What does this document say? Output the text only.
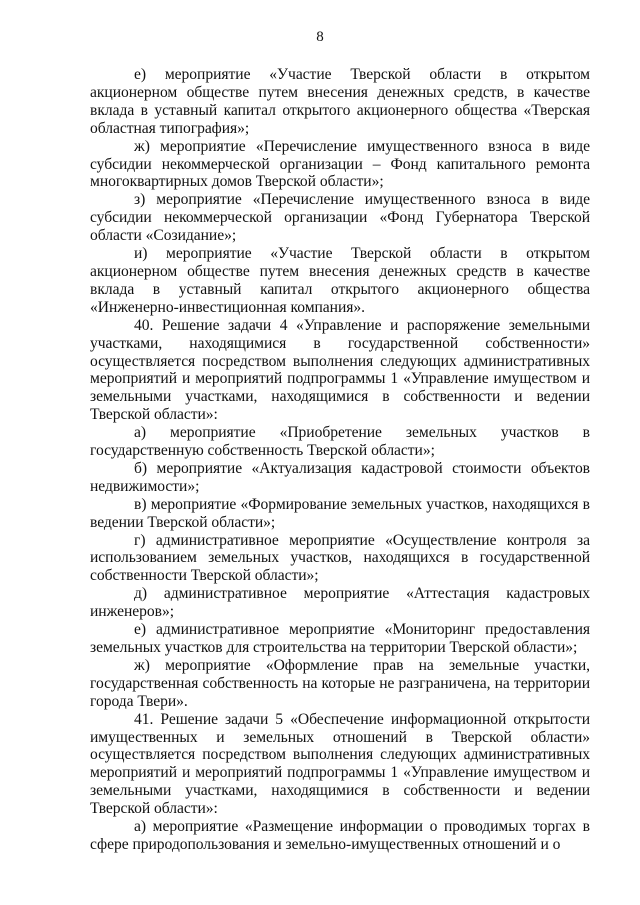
8

е) мероприятие «Участие Тверской области в открытом акционерном обществе путем внесения денежных средств, в качестве вклада в уставный капитал открытого акционерного общества «Тверская областная типография»;

ж) мероприятие «Перечисление имущественного взноса в виде субсидии некоммерческой организации – Фонд капитального ремонта многоквартирных домов Тверской области»;

з) мероприятие «Перечисление имущественного взноса в виде субсидии некоммерческой организации «Фонд Губернатора Тверской области «Созидание»;

и) мероприятие «Участие Тверской области в открытом акционерном обществе путем внесения денежных средств в качестве вклада в уставный капитал открытого акционерного общества «Инженерно-инвестиционная компания».

40. Решение задачи 4 «Управление и распоряжение земельными участками, находящимися в государственной собственности» осуществляется посредством выполнения следующих административных мероприятий и мероприятий подпрограммы 1 «Управление имуществом и земельными участками, находящимися в собственности и ведении Тверской области»:

а) мероприятие «Приобретение земельных участков в государственную собственность Тверской области»;

б) мероприятие «Актуализация кадастровой стоимости объектов недвижимости»;

в) мероприятие «Формирование земельных участков, находящихся в ведении Тверской области»;

г) административное мероприятие «Осуществление контроля за использованием земельных участков, находящихся в государственной собственности Тверской области»;

д) административное мероприятие «Аттестация кадастровых инженеров»;

е) административное мероприятие «Мониторинг предоставления земельных участков для строительства на территории Тверской области»;

ж) мероприятие «Оформление прав на земельные участки, государственная собственность на которые не разграничена, на территории города Твери».

41. Решение задачи 5 «Обеспечение информационной открытости имущественных и земельных отношений в Тверской области» осуществляется посредством выполнения следующих административных мероприятий и мероприятий подпрограммы 1 «Управление имуществом и земельными участками, находящимися в собственности и ведении Тверской области»:

а) мероприятие «Размещение информации о проводимых торгах в сфере природопользования и земельно-имущественных отношений и о
